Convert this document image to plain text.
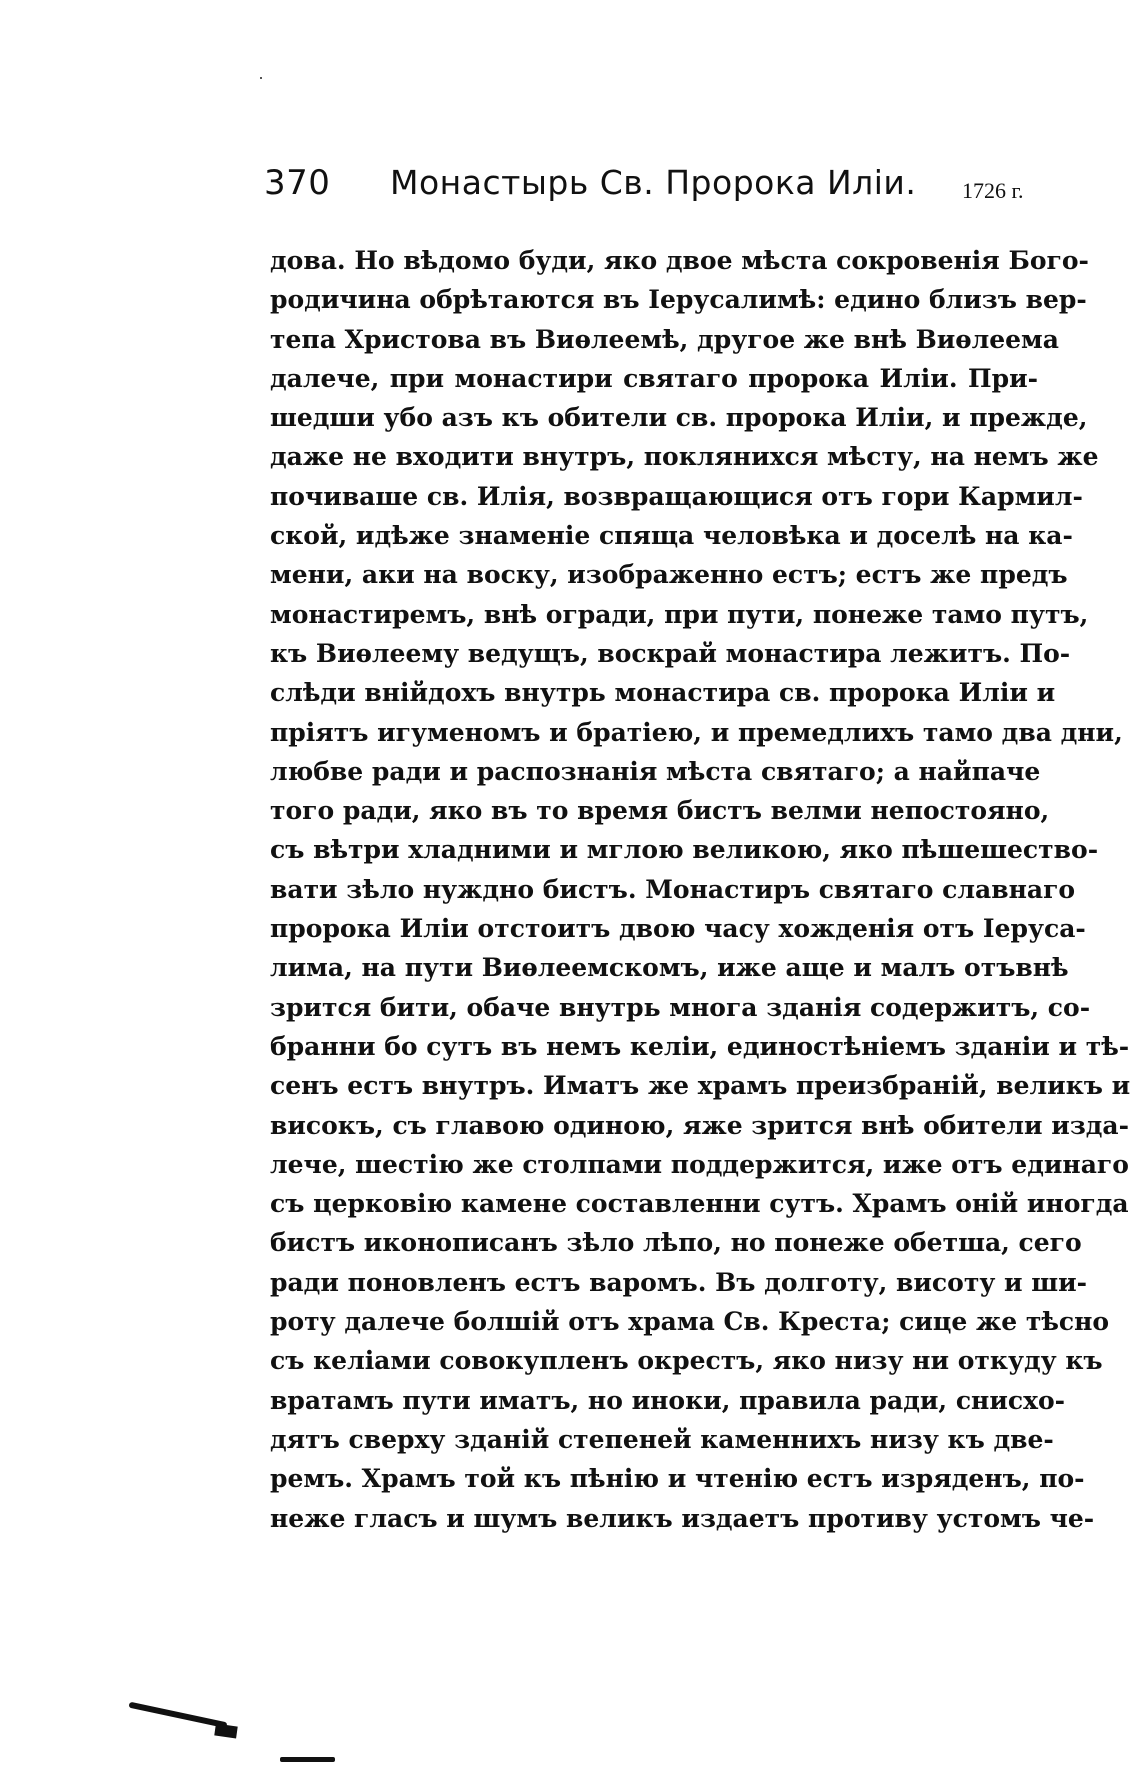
370 Монастырь Св. Пророка Иліи. 1726 г.
дова. Но вѣдомо буди, яко двое мѣста сокровенія Бого-
родичина обрѣтаются въ Іерусалимѣ: едино близъ вер-
тепа Христова въ Виѳлеемѣ, другое же внѣ Виѳлеема
далече, при монастири святаго пророка Иліи. При-
шедши убо азъ къ обители св. пророка Иліи, и прежде,
даже не входити внутръ, поклянихся мѣсту, на немъ же
почиваше св. Илія, возвращающися отъ гори Кармил-
ской, идѣже знаменіе спяща человѣка и доселѣ на ка-
мени, аки на воску, изображенно естъ; естъ же предъ
монастиремъ, внѣ огради, при пути, понеже тамо путъ,
къ Виѳлеему ведущъ, воскрай монастира лежитъ. По-
слѣди внійдохъ внутрь монастира св. пророка Иліи и
пріятъ игуменомъ и братіею, и премедлихъ тамо два дни,
любве ради и распознанія мѣста святаго; а найпаче
того ради, яко въ то время бистъ велми непостояно,
съ вѣтри хладними и мглою великою, яко пѣшешество-
вати зѣло нуждно бистъ. Монастиръ святаго славнаго
пророка Иліи отстоитъ двою часу хожденія отъ Іеруса-
лима, на пути Виѳлеемскомъ, иже аще и малъ отъвнѣ
зрится бити, обаче внутрь многа зданія содержитъ, со-
бранни бо сутъ въ немъ келіи, единостѣніемъ зданіи и тѣ-
сенъ естъ внутръ. Иматъ же храмъ преизбраній, великъ и
високъ, съ главою одиною, яже зрится внѣ обители изда-
лече, шестію же столпами поддержится, иже отъ единаго
съ церковію камене составленни сутъ. Храмъ оній иногда
бистъ иконописанъ зѣло лѣпо, но понеже обетша, сего
ради поновленъ естъ варомъ. Въ долготу, висоту и ши-
роту далече болшій отъ храма Св. Креста; сице же тѣсно
съ келіами совокупленъ окрестъ, яко низу ни откуду къ
вратамъ пути иматъ, но иноки, правила ради, снисхо-
дятъ сверху зданій степеней каменнихъ низу къ две-
ремъ. Храмъ той къ пѣнію и чтенію естъ изряденъ, по-
неже гласъ и шумъ великъ издаетъ противу устомъ че-
